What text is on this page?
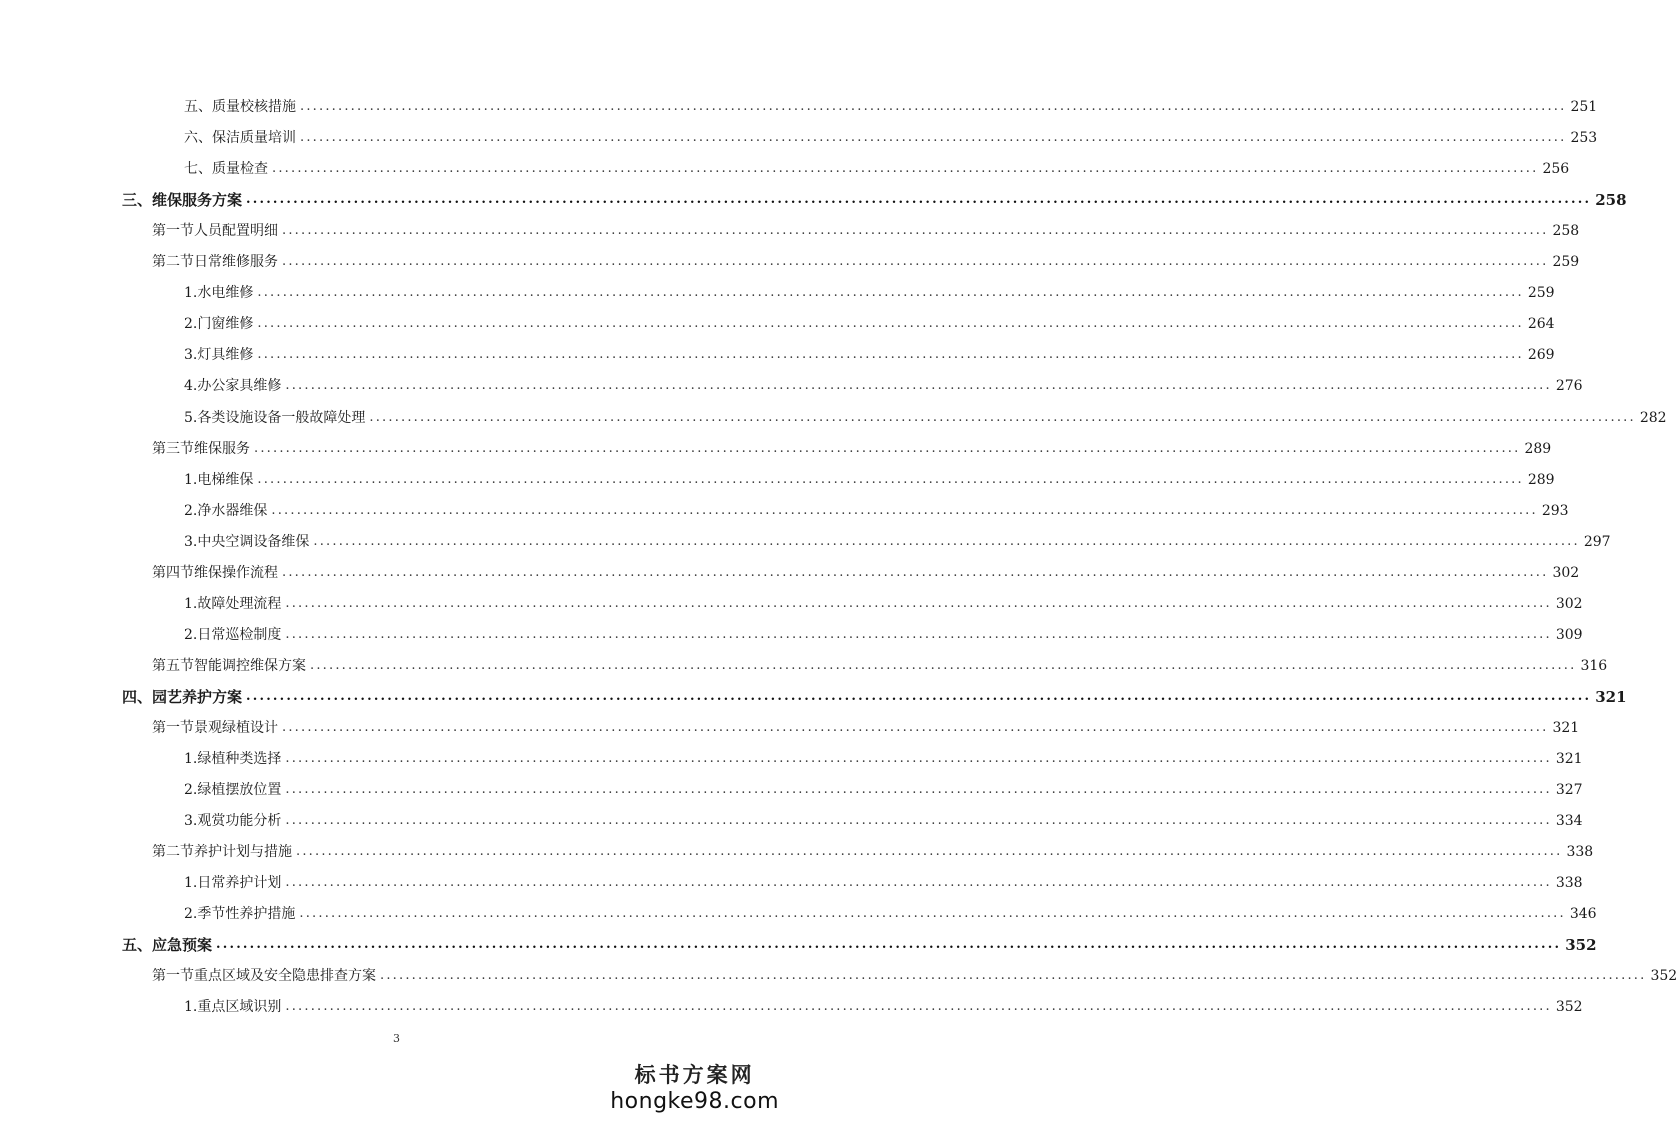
五、 质量校核措施 ........................................................................................................................................................................................................ 251
六、 保洁质量培训 ........................................................................................................................................................................................................ 253
七、 质量检查 ........................................................................................................................................................................................................ 256
三、 维保服务方案 ........................................................................................................................................................................................................ 258
第一节 人员配置明细 ........................................................................................................................................................................................................ 258
第二节 日常维修服务 ........................................................................................................................................................................................................ 259
1. 水电维修 ........................................................................................................................................................................................................ 259
2. 门窗维修 ........................................................................................................................................................................................................ 264
3. 灯具维修 ........................................................................................................................................................................................................ 269
4. 办公家具维修 ........................................................................................................................................................................................................ 276
5. 各类设施设备一般故障处理 ........................................................................................................................................................................................................ 282
第三节 维保服务 ........................................................................................................................................................................................................ 289
1. 电梯维保 ........................................................................................................................................................................................................ 289
2. 净水器维保 ........................................................................................................................................................................................................ 293
3. 中央空调设备维保 ........................................................................................................................................................................................................ 297
第四节 维保操作流程 ........................................................................................................................................................................................................ 302
1. 故障处理流程 ........................................................................................................................................................................................................ 302
2. 日常巡检制度 ........................................................................................................................................................................................................ 309
第五节 智能调控维保方案 ........................................................................................................................................................................................................ 316
四、 园艺养护方案 ........................................................................................................................................................................................................ 321
第一节 景观绿植设计 ........................................................................................................................................................................................................ 321
1. 绿植种类选择 ........................................................................................................................................................................................................ 321
2. 绿植摆放位置 ........................................................................................................................................................................................................ 327
3. 观赏功能分析 ........................................................................................................................................................................................................ 334
第二节 养护计划与措施 ........................................................................................................................................................................................................ 338
1. 日常养护计划 ........................................................................................................................................................................................................ 338
2. 季节性养护措施 ........................................................................................................................................................................................................ 346
五、 应急预案 ........................................................................................................................................................................................................ 352
第一节 重点区域及安全隐患排查方案 ........................................................................................................................................................................................................ 352
1. 重点区域识别 ........................................................................................................................................................................................................ 352
3
标书方案网
hongke98.com
